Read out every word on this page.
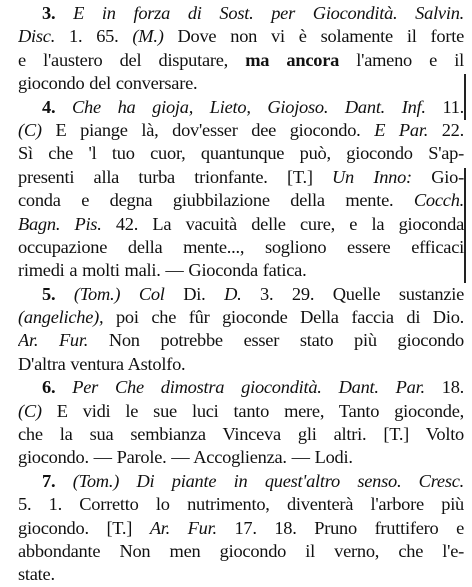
3. E in forza di Sost. per Giocondità. Salvin.
Disc. 1. 65. (M.) Dove non vi è solamente il forte
e l'austero del disputare, ma ancora l'ameno e il
giocondo del conversare.
4. Che ha gioja, Lieto, Giojoso. Dant. Inf. 11.
(C) E piange là, dov'esser dee giocondo. E Par. 22.
Sì che 'l tuo cuor, quantunque può, giocondo S'ap-
presenti alla turba trionfante. [T.] Un Inno: Gio-
conda e degna giubbilazione della mente. Cocch.
Bagn. Pis. 42. La vacuità delle cure, e la gioconda
occupazione della mente..., sogliono essere efficaci
rimedi a molti mali. — Gioconda fatica.
5. (Tom.) Col Di. D. 3. 29. Quelle sustanzie
(angeliche), poi che fûr gioconde Della faccia di Dio.
Ar. Fur. Non potrebbe esser stato più giocondo
D'altra ventura Astolfo.
6. Per Che dimostra giocondità. Dant. Par. 18.
(C) E vidi le sue luci tanto mere, Tanto gioconde,
che la sua sembianza Vinceva gli altri. [T.] Volto
giocondo. — Parole. — Accoglienza. — Lodi.
7. (Tom.) Di piante in quest'altro senso. Cresc.
5. 1. Corretto lo nutrimento, diventerà l'arbore più
giocondo. [T.] Ar. Fur. 17. 18. Pruno fruttifero e
abbondante Non men giocondo il verno, che l'e-
state.
